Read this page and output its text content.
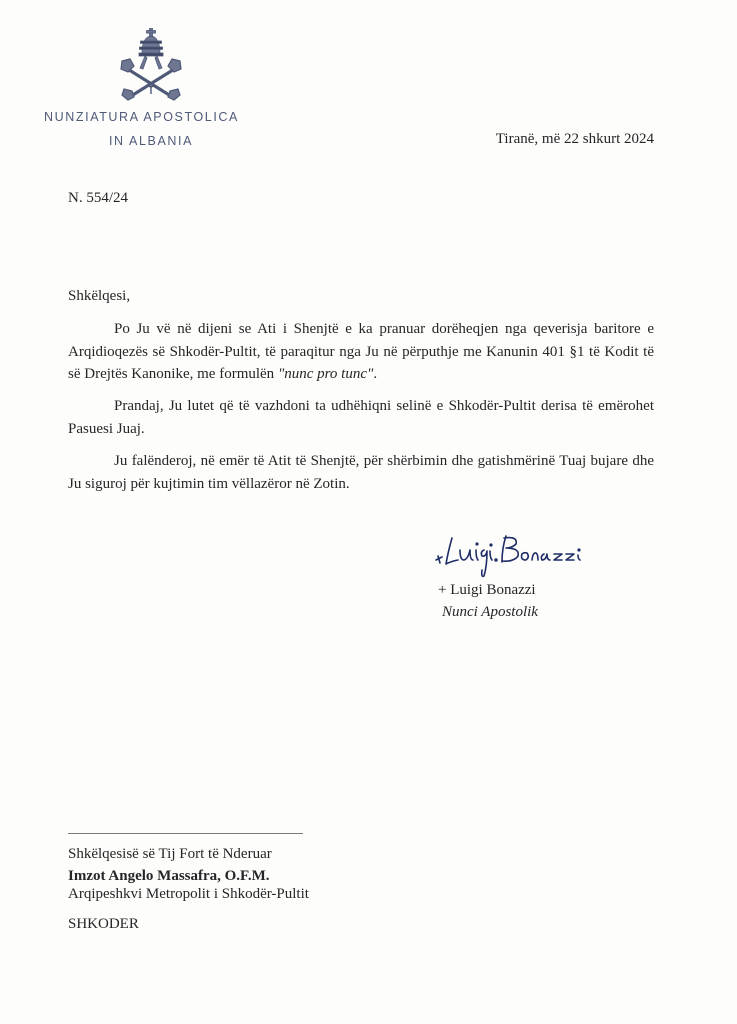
NUNZIATURA APOSTOLICA
IN ALBANIA	Tiranë, më 22 shkurt 2024
N. 554/24
Shkëlqesi,
Po Ju vë në dijeni se Ati i Shenjtë e ka pranuar dorëheqjen nga qeverisja baritore e Arqidioqezës së Shkodër-Pultit, të paraqitur nga Ju në përputhje me Kanunin 401 §1 të Kodit të së Drejtës Kanonike, me formulën "nunc pro tunc".
Prandaj, Ju lutet që të vazhdoni ta udhëhiqni selinë e Shkodër-Pultit derisa të emërohet Pasuesi Juaj.
Ju falënderoj, në emër të Atit të Shenjtë, për shërbimin dhe gatishmërinë Tuaj bujare dhe Ju siguroj për kujtimin tim vëllazëror në Zotin.
+ Luigi Bonazzi
Nunci Apostolik
Shkëlqesisë së Tij Fort të Nderuar
Imzot Angelo Massafra, O.F.M.
Arqipeshkvi Metropolit i Shkodër-Pultit
SHKODER
